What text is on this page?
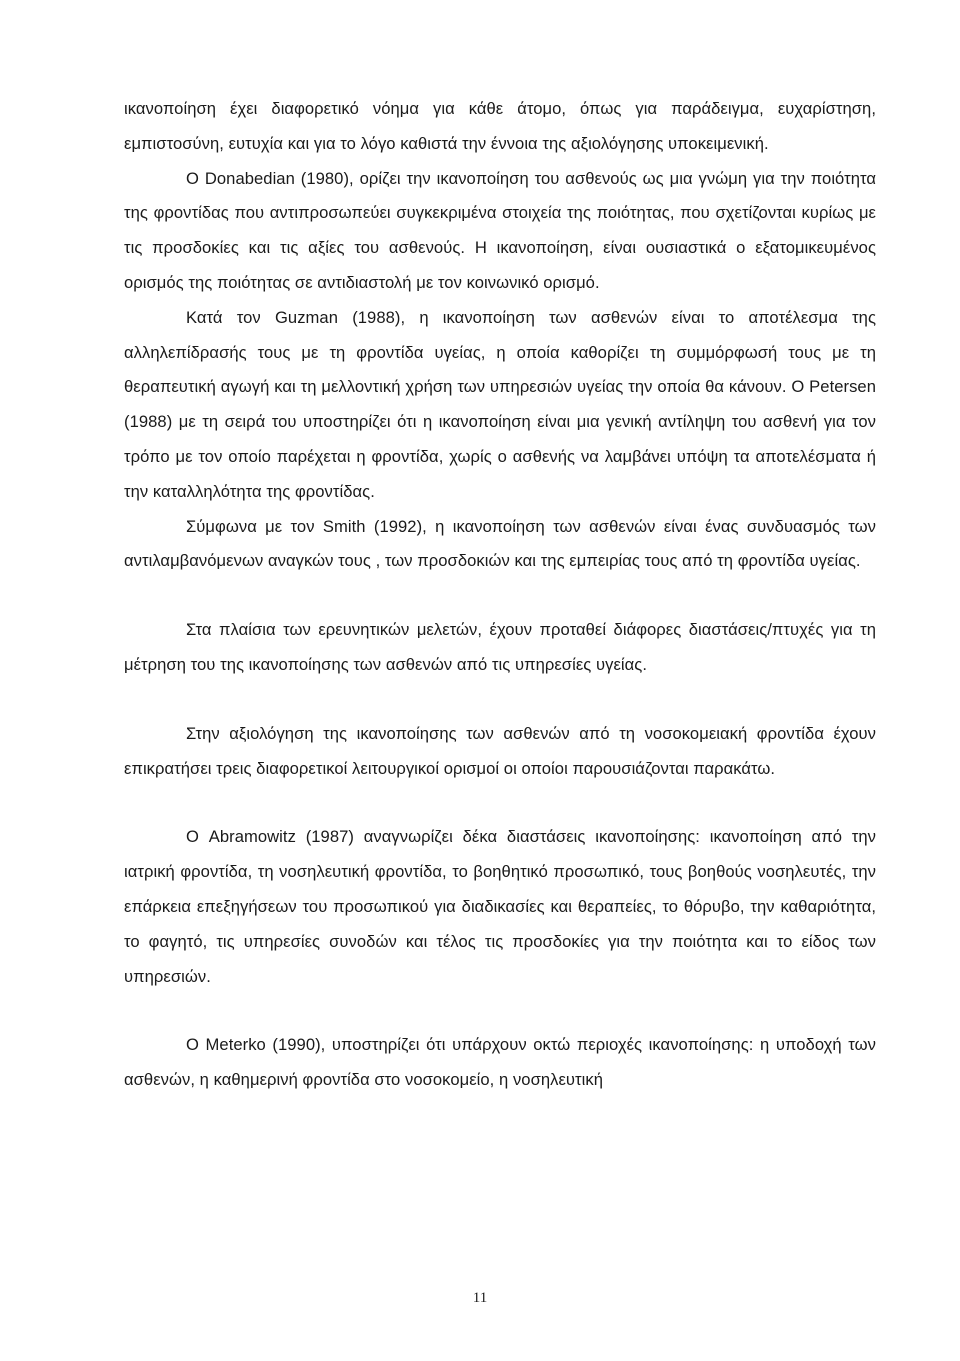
ικανοποίηση έχει διαφορετικό νόημα για κάθε άτομο, όπως για παράδειγμα, ευχαρίστηση, εμπιστοσύνη, ευτυχία και για το λόγο καθιστά την έννοια της αξιολόγησης υποκειμενική.

Ο Donabedian (1980), ορίζει την ικανοποίηση του ασθενούς ως μια γνώμη για την ποιότητα της φροντίδας που αντιπροσωπεύει συγκεκριμένα στοιχεία της ποιότητας, που σχετίζονται κυρίως με τις προσδοκίες και τις αξίες του ασθενούς. Η ικανοποίηση, είναι ουσιαστικά ο εξατομικευμένος ορισμός της ποιότητας σε αντιδιαστολή με τον κοινωνικό ορισμό.

Κατά τον Guzman (1988), η ικανοποίηση των ασθενών είναι το αποτέλεσμα της αλληλεπίδρασής τους με τη φροντίδα υγείας, η οποία καθορίζει τη συμμόρφωσή τους με τη θεραπευτική αγωγή και τη μελλοντική χρήση των υπηρεσιών υγείας την οποία θα κάνουν. Ο Petersen (1988) με τη σειρά του υποστηρίζει ότι η ικανοποίηση είναι μια γενική αντίληψη του ασθενή για τον τρόπο με τον οποίο παρέχεται η φροντίδα, χωρίς ο ασθενής να λαμβάνει υπόψη τα αποτελέσματα ή την καταλληλότητα της φροντίδας.

Σύμφωνα με τον Smith (1992), η ικανοποίηση των ασθενών είναι ένας συνδυασμός των αντιλαμβανόμενων αναγκών τους , των προσδοκιών και της εμπειρίας τους από τη φροντίδα υγείας.

Στα πλαίσια των ερευνητικών μελετών, έχουν προταθεί διάφορες διαστάσεις/πτυχές για τη μέτρηση του της ικανοποίησης των ασθενών από τις υπηρεσίες υγείας.

Στην αξιολόγηση της ικανοποίησης των ασθενών από τη νοσοκομειακή φροντίδα έχουν επικρατήσει τρεις διαφορετικοί λειτουργικοί ορισμοί οι οποίοι παρουσιάζονται παρακάτω.

Ο Abramowitz (1987) αναγνωρίζει δέκα διαστάσεις ικανοποίησης: ικανοποίηση από την ιατρική φροντίδα, τη νοσηλευτική φροντίδα, το βοηθητικό προσωπικό, τους βοηθούς νοσηλευτές, την επάρκεια επεξηγήσεων του προσωπικού για διαδικασίες και θεραπείες, το θόρυβο, την καθαριότητα, το φαγητό, τις υπηρεσίες συνοδών και τέλος τις προσδοκίες για την ποιότητα και το είδος των υπηρεσιών.

Ο Meterko (1990), υποστηρίζει ότι υπάρχουν οκτώ περιοχές ικανοποίησης: η υποδοχή των ασθενών, η καθημερινή φροντίδα στο νοσοκομείο, η νοσηλευτική

11
